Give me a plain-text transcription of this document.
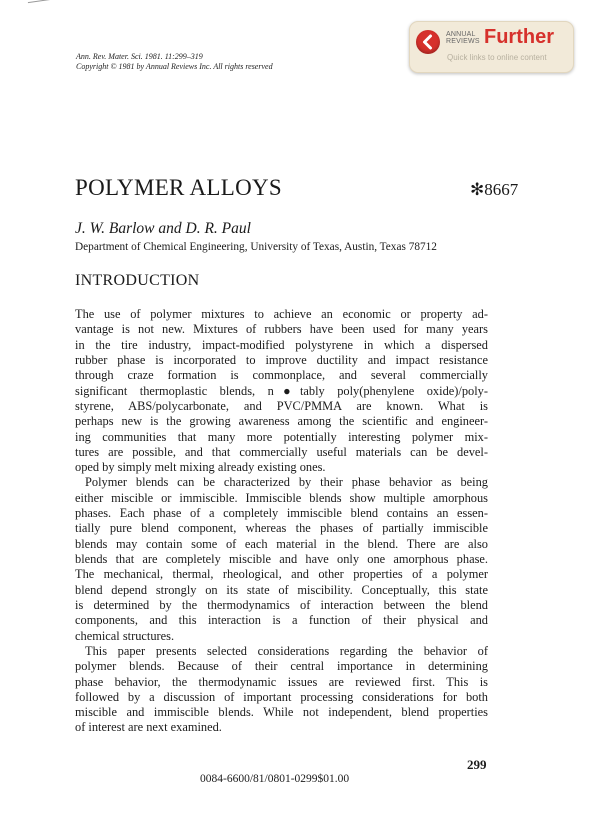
Ann. Rev. Mater. Sci. 1981. 11:299–319
Copyright © 1981 by Annual Reviews Inc. All rights reserved
ANNUAL
REVIEWS Further
Quick links to online content
POLYMER ALLOYS	✻8667
J. W. Barlow and D. R. Paul
Department of Chemical Engineering, University of Texas, Austin, Texas 78712
INTRODUCTION
The use of polymer mixtures to achieve an economic or property ad-
vantage is not new. Mixtures of rubbers have been used for many years
in the tire industry, impact-modified polystyrene in which a dispersed
rubber phase is incorporated to improve ductility and impact resistance
through craze formation is commonplace, and several commercially
significant thermoplastic blends, n●tably poly(phenylene oxide)/poly-
styrene, ABS/polycarbonate, and PVC/PMMA are known. What is
perhaps new is the growing awareness among the scientific and engineer-
ing communities that many more potentially interesting polymer mix-
tures are possible, and that commercially useful materials can be devel-
oped by simply melt mixing already existing ones.
Polymer blends can be characterized by their phase behavior as being
either miscible or immiscible. Immiscible blends show multiple amorphous
phases. Each phase of a completely immiscible blend contains an essen-
tially pure blend component, whereas the phases of partially immiscible
blends may contain some of each material in the blend. There are also
blends that are completely miscible and have only one amorphous phase.
The mechanical, thermal, rheological, and other properties of a polymer
blend depend strongly on its state of miscibility. Conceptually, this state
is determined by the thermodynamics of interaction between the blend
components, and this interaction is a function of their physical and
chemical structures.
This paper presents selected considerations regarding the behavior of
polymer blends. Because of their central importance in determining
phase behavior, the thermodynamic issues are reviewed first. This is
followed by a discussion of important processing considerations for both
miscible and immiscible blends. While not independent, blend properties
of interest are next examined.
299
0084-6600/81/0801-0299$01.00
